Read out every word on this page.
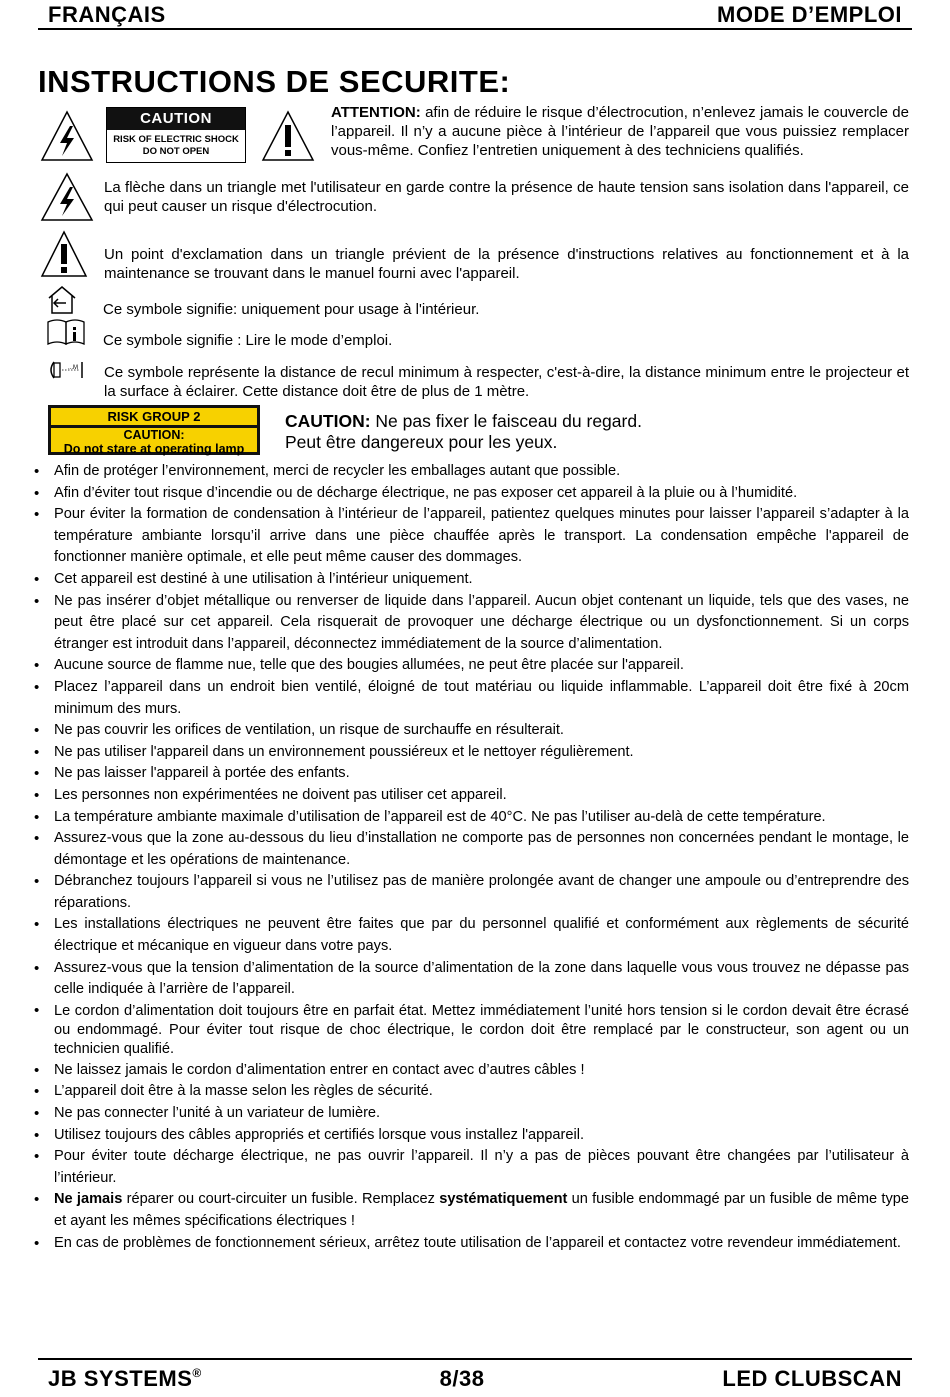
FRANÇAIS	MODE D’EMPLOI
INSTRUCTIONS DE SECURITE:
CAUTION
RISK OF ELECTRIC SHOCK
DO NOT OPEN
ATTENTION: afin de réduire le risque d’électrocution, n’enlevez jamais le couvercle de l’appareil. Il n’y a aucune pièce à l’intérieur de l’appareil que vous puissiez remplacer vous-même. Confiez l’entretien uniquement à des techniciens qualifiés.
La flèche dans un triangle met l'utilisateur en garde contre la présence de haute tension sans isolation dans l'appareil, ce qui peut causer un risque d'électrocution.
Un point d'exclamation dans un triangle prévient de la présence d'instructions relatives au fonctionnement et à la maintenance se trouvant dans le manuel fourni avec l'appareil.
Ce symbole signifie: uniquement pour usage à l'intérieur.
Ce symbole signifie : Lire le mode d’emploi.
...M Ce symbole représente la distance de recul minimum à respecter, c'est-à-dire, la distance minimum entre le projecteur et la surface à éclairer. Cette distance doit être de plus de 1 mètre.
RISK GROUP 2
CAUTION:
Do not stare at operating lamp
CAUTION: Ne pas fixer le faisceau du regard.
Peut être dangereux pour les yeux.
• Afin de protéger l’environnement, merci de recycler les emballages autant que possible.
• Afin d’éviter tout risque d’incendie ou de décharge électrique, ne pas exposer cet appareil à la pluie ou à l’humidité.
• Pour éviter la formation de condensation à l’intérieur de l’appareil, patientez quelques minutes pour laisser l’appareil s’adapter à la température ambiante lorsqu’il arrive dans une pièce chauffée après le transport. La condensation empêche l'appareil de fonctionner manière optimale, et elle peut même causer des dommages.
• Cet appareil est destiné à une utilisation à l’intérieur uniquement.
• Ne pas insérer d’objet métallique ou renverser de liquide dans l’appareil. Aucun objet contenant un liquide, tels que des vases, ne peut être placé sur cet appareil. Cela risquerait de provoquer une décharge électrique ou un dysfonctionnement. Si un corps étranger est introduit dans l’appareil, déconnectez immédiatement de la source d’alimentation.
• Aucune source de flamme nue, telle que des bougies allumées, ne peut être placée sur l'appareil.
• Placez l’appareil dans un endroit bien ventilé, éloigné de tout matériau ou liquide inflammable. L’appareil doit être fixé à 20cm minimum des murs.
• Ne pas couvrir les orifices de ventilation, un risque de surchauffe en résulterait.
• Ne pas utiliser l'appareil dans un environnement poussiéreux et le nettoyer régulièrement.
• Ne pas laisser l'appareil à portée des enfants.
• Les personnes non expérimentées ne doivent pas utiliser cet appareil.
• La température ambiante maximale d’utilisation de l’appareil est de 40°C. Ne pas l’utiliser au-delà de cette température.
• Assurez-vous que la zone au-dessous du lieu d’installation ne comporte pas de personnes non concernées pendant le montage, le démontage et les opérations de maintenance.
• Débranchez toujours l’appareil si vous ne l’utilisez pas de manière prolongée avant de changer une ampoule ou d’entreprendre des réparations.
• Les installations électriques ne peuvent être faites que par du personnel qualifié et conformément aux règlements de sécurité électrique et mécanique en vigueur dans votre pays.
• Assurez-vous que la tension d’alimentation de la source d’alimentation de la zone dans laquelle vous vous trouvez ne dépasse pas celle indiquée à l’arrière de l’appareil.
• Le cordon d’alimentation doit toujours être en parfait état. Mettez immédiatement l’unité hors tension si le cordon devait être écrasé ou endommagé. Pour éviter tout risque de choc électrique, le cordon doit être remplacé par le constructeur, son agent ou un technicien qualifié.
• Ne laissez jamais le cordon d’alimentation entrer en contact avec d’autres câbles !
• L’appareil doit être à la masse selon les règles de sécurité.
• Ne pas connecter l’unité à un variateur de lumière.
• Utilisez toujours des câbles appropriés et certifiés lorsque vous installez l'appareil.
• Pour éviter toute décharge électrique, ne pas ouvrir l’appareil. Il n’y a pas de pièces pouvant être changées par l’utilisateur à l’intérieur.
• Ne jamais réparer ou court-circuiter un fusible. Remplacez systématiquement un fusible endommagé par un fusible de même type et ayant les mêmes spécifications électriques !
• En cas de problèmes de fonctionnement sérieux, arrêtez toute utilisation de l’appareil et contactez votre revendeur immédiatement.
JB SYSTEMS®	8/38	LED CLUBSCAN
